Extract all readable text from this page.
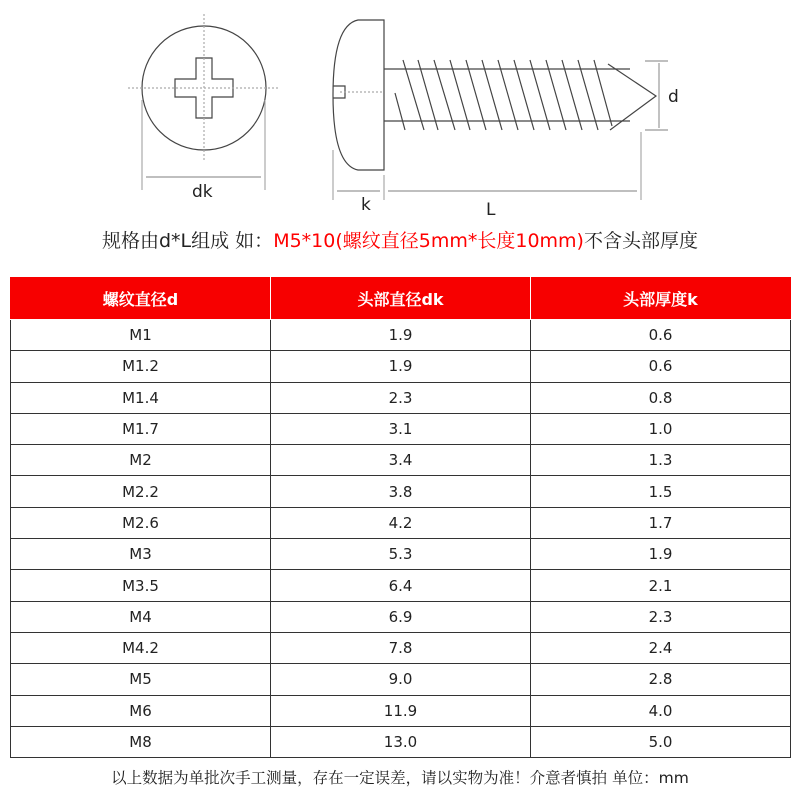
dk
k	L
d
规格由d*L组成 如：M5*10(螺纹直径5mm*长度10mm)不含头部厚度
螺纹直径d	头部直径dk	头部厚度k
M1	1.9	0.6
M1.2	1.9	0.6
M1.4	2.3	0.8
M1.7	3.1	1.0
M2	3.4	1.3
M2.2	3.8	1.5
M2.6	4.2	1.7
M3	5.3	1.9
M3.5	6.4	2.1
M4	6.9	2.3
M4.2	7.8	2.4
M5	9.0	2.8
M6	11.9	4.0
M8	13.0	5.0
以上数据为单批次手工测量，存在一定误差，请以实物为准！介意者慎拍 单位：mm
